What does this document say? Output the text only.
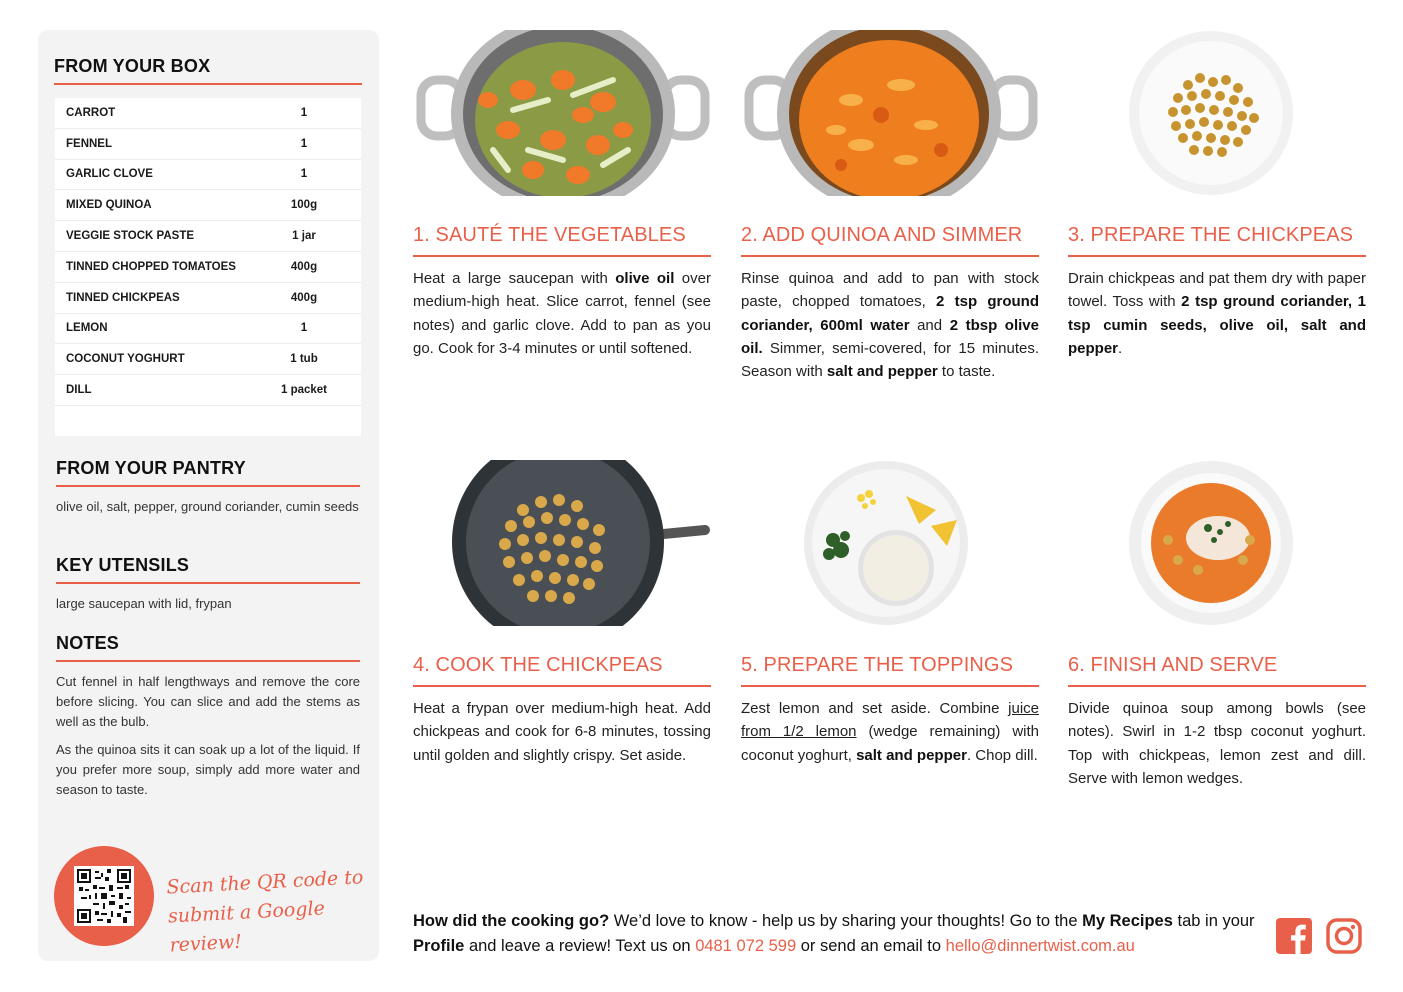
FROM YOUR BOX
CARROT	1
FENNEL	1
GARLIC CLOVE	1
MIXED QUINOA	100g
VEGGIE STOCK PASTE	1 jar
TINNED CHOPPED TOMATOES	400g
TINNED CHICKPEAS	400g
LEMON	1
COCONUT YOGHURT	1 tub
DILL	1 packet
FROM YOUR PANTRY
olive oil, salt, pepper, ground coriander, cumin seeds
KEY UTENSILS
large saucepan with lid, frypan
NOTES
Cut fennel in half lengthways and remove the core before slicing. You can slice and add the stems as well as the bulb.
As the quinoa sits it can soak up a lot of the liquid. If you prefer more soup, simply add more water and season to taste.
Scan the QR code to
submit a Google review!
1. SAUTÉ THE VEGETABLES
Heat a large saucepan with olive oil over medium-high heat. Slice carrot, fennel (see notes) and garlic clove. Add to pan as you go. Cook for 3-4 minutes or until softened.
2. ADD QUINOA AND SIMMER
Rinse quinoa and add to pan with stock paste, chopped tomatoes, 2 tsp ground coriander, 600ml water and 2 tbsp olive oil. Simmer, semi-covered, for 15 minutes. Season with salt and pepper to taste.
3. PREPARE THE CHICKPEAS
Drain chickpeas and pat them dry with paper towel. Toss with 2 tsp ground coriander, 1 tsp cumin seeds, olive oil, salt and pepper.
4. COOK THE CHICKPEAS
Heat a frypan over medium-high heat. Add chickpeas and cook for 6-8 minutes, tossing until golden and slightly crispy. Set aside.
5. PREPARE THE TOPPINGS
Zest lemon and set aside. Combine juice from 1/2 lemon (wedge remaining) with coconut yoghurt, salt and pepper. Chop dill.
6. FINISH AND SERVE
Divide quinoa soup among bowls (see notes). Swirl in 1-2 tbsp coconut yoghurt. Top with chickpeas, lemon zest and dill. Serve with lemon wedges.
How did the cooking go? We’d love to know - help us by sharing your thoughts! Go to the My Recipes tab in your Profile and leave a review! Text us on 0481 072 599 or send an email to hello@dinnertwist.com.au
